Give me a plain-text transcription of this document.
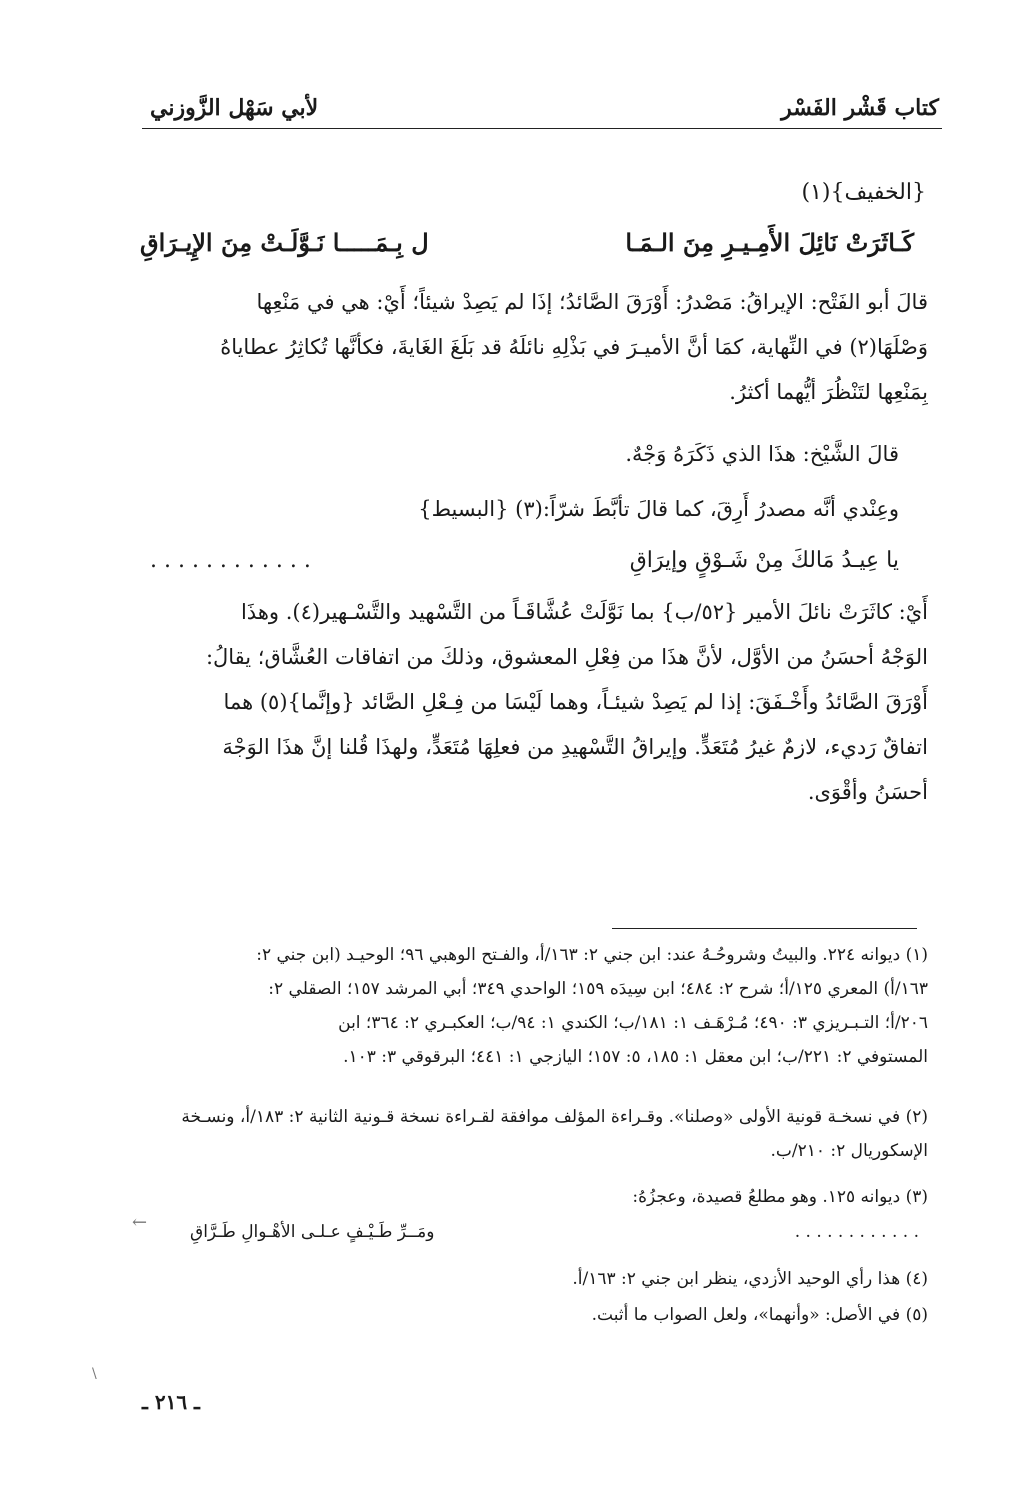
كتاب قَشْر الفَسْر
لأبي سَهْل الزَّوزني
{الخفيف}(١)
كَـاثَرَتْ نَائِلَ الأَمِـيـرِ مِنَ الـمَـا
ل بِـمَـــــا نَـوَّلَـتْ مِنَ الإِيـرَاقِ
قالَ أبو الفَتْح: الإيراقُ: مَصْدرُ: أَوْرَقَ الصَّائدُ؛ إذَا لم يَصِدْ شيئاً؛ أَيْ: هي في مَنْعِها
وَصْلَهَا(٢) في النِّهاية، كمَا أنَّ الأميـرَ في بَذْلِهِ نائلَهُ قد بَلَغَ الغَايةَ، فكأنَّها تُكاثِرُ عطاياهُ
بِمَنْعِها لتَنْظُرَ أيُّهما أكثرُ.
قالَ الشَّيْخ: هذَا الذي ذَكَرَهُ وَجْهٌ.
وعِنْدي أنَّه مصدرُ أَرِقَ، كما قالَ تأبَّطَ شرّاً:(٣) {البسيط}
يا عِيـدُ مَالكَ مِنْ شَـوْقٍ وإيرَاقِ
. . . . . . . . . . . .
أَيْ: كاثَرَتْ نائلَ الأمير {٥٢/ب} بما نَوَّلَتْ عُشَّاقَـاً من التَّسْهيد والتَّسْـهير(٤). وهذَا
الوَجْهُ أحسَنُ من الأوَّل، لأنَّ هذَا من فِعْلِ المعشوق، وذلكَ من اتفاقات العُشَّاق؛ يقالُ:
أَوْرَقَ الصَّائدُ وأَخْـفَقَ: إذا لم يَصِدْ شيئـاً، وهما لَيْسَا من فِـعْلِ الصَّائد {وإنَّما}(٥) هما
اتفاقٌ رَديء، لازمٌ غيرُ مُتَعَدٍّ. وإيراقُ التَّسْهيدِ من فعلِهَا مُتَعَدٍّ، ولهذَا قُلنا إنَّ هذَا الوَجْهَ
أحسَنُ وأقْوَى.
(١) ديوانه ٢٢٤. والبيتُ وشروحُـهُ عند: ابن جني ٢: ١٦٣/أ، والفـتح الوهبي ٩٦؛ الوحيـد (ابن جني ٢:
١٦٣/أ) المعري ١٢٥/أ؛ شرح ٢: ٤٨٤؛ ابن سِيدَه ١٥٩؛ الواحدي ٣٤٩؛ أبي المرشد ١٥٧؛ الصقلي ٢:
٢٠٦/أ؛ التـبـريزي ٣: ٤٩٠؛ مُـرْهَـف ١: ١٨١/ب؛ الكندي ١: ٩٤/ب؛ العكبـري ٢: ٣٦٤؛ ابن
المستوفي ٢: ٢٢١/ب؛ ابن معقل ١: ١٨٥، ٥: ١٥٧؛ اليازجي ١: ٤٤١؛ البرقوقي ٣: ١٠٣.
(٢) في نسخـة قونية الأولى «وصلنا». وقـراءة المؤلف موافقة لقـراءة نسخة قـونية الثانية ٢: ١٨٣/أ، ونسـخة
الإسكوريال ٢: ٢١٠/ب.
(٣) ديوانه ١٢٥. وهو مطلعُ قصيدة، وعجزُهُ:
. . . . . . . . . . . .
ومَــرِّ طَـيْـفٍ عـلـى الأهْـوالِ طَـرَّاقِ
(٤) هذا رأي الوحيد الأزدي، ينظر ابن جني ٢: ١٦٣/أ.
(٥) في الأصل: «وأنهما»، ولعل الصواب ما أثبت.
ـ ٢١٦ ـ
←
\
